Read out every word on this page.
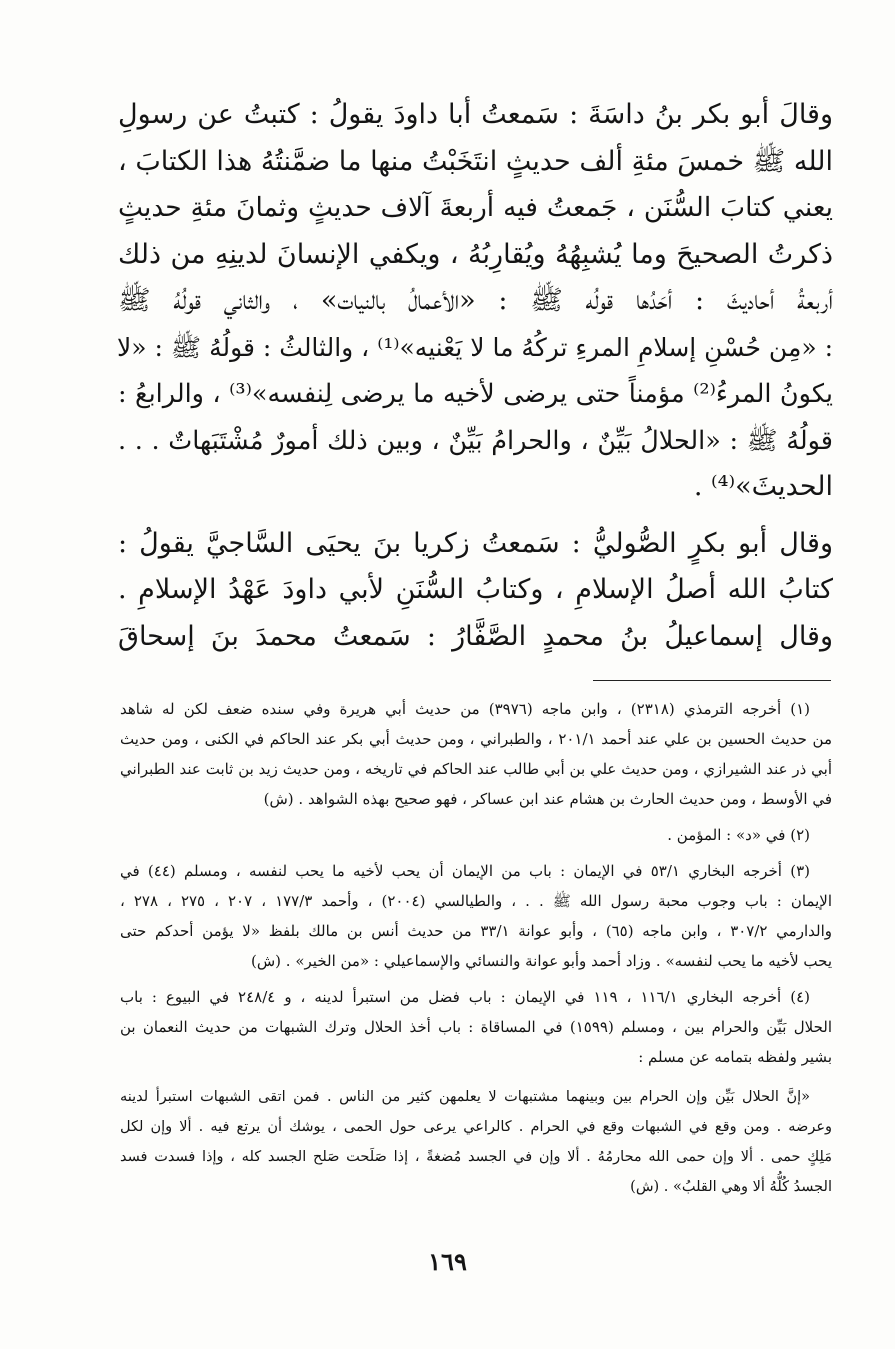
وقالَ أبو بكر بنُ داسَةَ : سَمعتُ أبا داودَ يقولُ : كتبتُ عن رسولِ
الله ﷺ خمسَ مئةِ ألف حديثٍ انتَخَبْتُ منها ما ضمَّنتُهُ هذا الكتابَ ،
يعني كتابَ السُّنَن ، جَمعتُ فيه أربعةَ آلاف حديثٍ وثمانَ مئةِ حديثٍ
ذكرتُ الصحيحَ وما يُشبِهُهُ ويُقارِبُهُ ، ويكفي الإنسانَ لدينِهِ من ذلك
أربعةُ أحاديثَ : أحَدُها قولُه ﷺ : «الأعمالُ بالنيات» ، والثاني قولُهُ ﷺ
: «مِن حُسْنِ إسلامِ المرءِ تركُهُ ما لا يَعْنيه»⁽¹⁾ ، والثالثُ : قولُهُ ﷺ : «لا
يكونُ المرءُ⁽²⁾ مؤمناً حتى يرضى لأخيه ما يرضى لِنفسه»⁽³⁾ ، والرابعُ :
قولُهُ ﷺ : «الحلالُ بَيِّنٌ ، والحرامُ بَيِّنٌ ، وبين ذلك أمورٌ مُشْتَبَهاتٌ . . .
الحديثَ»⁽⁴⁾ .

وقال أبو بكرٍ الصُّوليُّ : سَمعتُ زكريا بنَ يحيَى السَّاجيَّ يقولُ :
كتابُ الله أصلُ الإسلامِ ، وكتابُ السُّنَنِ لأبي داودَ عَهْدُ الإسلامِ .
وقال إسماعيلُ بنُ محمدٍ الصَّفَّارُ : سَمعتُ محمدَ بنَ إسحاقَ

(١) أخرجه الترمذي (٢٣١٨) ، وابن ماجه (٣٩٧٦) من حديث أبي هريرة وفي سنده ضعف لكن له شاهد
من حديث الحسين بن علي عند أحمد ٢٠١/١ ، والطبراني ، ومن حديث أبي بكر عند الحاكم في الكنى ، ومن حديث
أبي ذر عند الشيرازي ، ومن حديث علي بن أبي طالب عند الحاكم في تاريخه ، ومن حديث زيد بن ثابت عند الطبراني
في الأوسط ، ومن حديث الحارث بن هشام عند ابن عساكر ، فهو صحيح بهذه الشواهد . (ش)

(٢) في «د» : المؤمن .

(٣) أخرجه البخاري ٥٣/١ في الإيمان : باب من الإيمان أن يحب لأخيه ما يحب لنفسه ، ومسلم (٤٤) في
الإيمان : باب وجوب محبة رسول الله ﷺ . . ، والطيالسي (٢٠٠٤) ، وأحمد ١٧٧/٣ ، ٢٠٧ ، ٢٧٥ ، ٢٧٨ ،
والدارمي ٣٠٧/٢ ، وابن ماجه (٦٥) ، وأبو عوانة ٣٣/١ من حديث أنس بن مالك بلفظ «لا يؤمن أحدكم حتى
يحب لأخيه ما يحب لنفسه» . وزاد أحمد وأبو عوانة والنسائي والإسماعيلي : «من الخير» . (ش)

(٤) أخرجه البخاري ١١٦/١ ، ١١٩ في الإيمان : باب فضل من استبرأ لدينه ، و ٢٤٨/٤ في البيوع : باب
الحلال بَيِّن والحرام بين ، ومسلم (١٥٩٩) في المساقاة : باب أخذ الحلال وترك الشبهات من حديث النعمان بن
بشير ولفظه بتمامه عن مسلم :

«إنَّ الحلال بَيِّن وإن الحرام بين وبينهما مشتبهات لا يعلمهن كثير من الناس . فمن اتقى الشبهات استبرأ لدينه
وعرضه . ومن وقع في الشبهات وقع في الحرام . كالراعي يرعى حول الحمى ، يوشك أن يرتع فيه . ألا وإن لكل
مَلِكٍ حمى . ألا وإن حمى الله محارمُهُ . ألا وإن في الجسد مُضغةً ، إذا صَلَحت صَلح الجسد كله ، وإذا فسدت فسد
الجسدُ كُلُّهُ ألا وهي القلبُ» . (ش)

١٦٩
